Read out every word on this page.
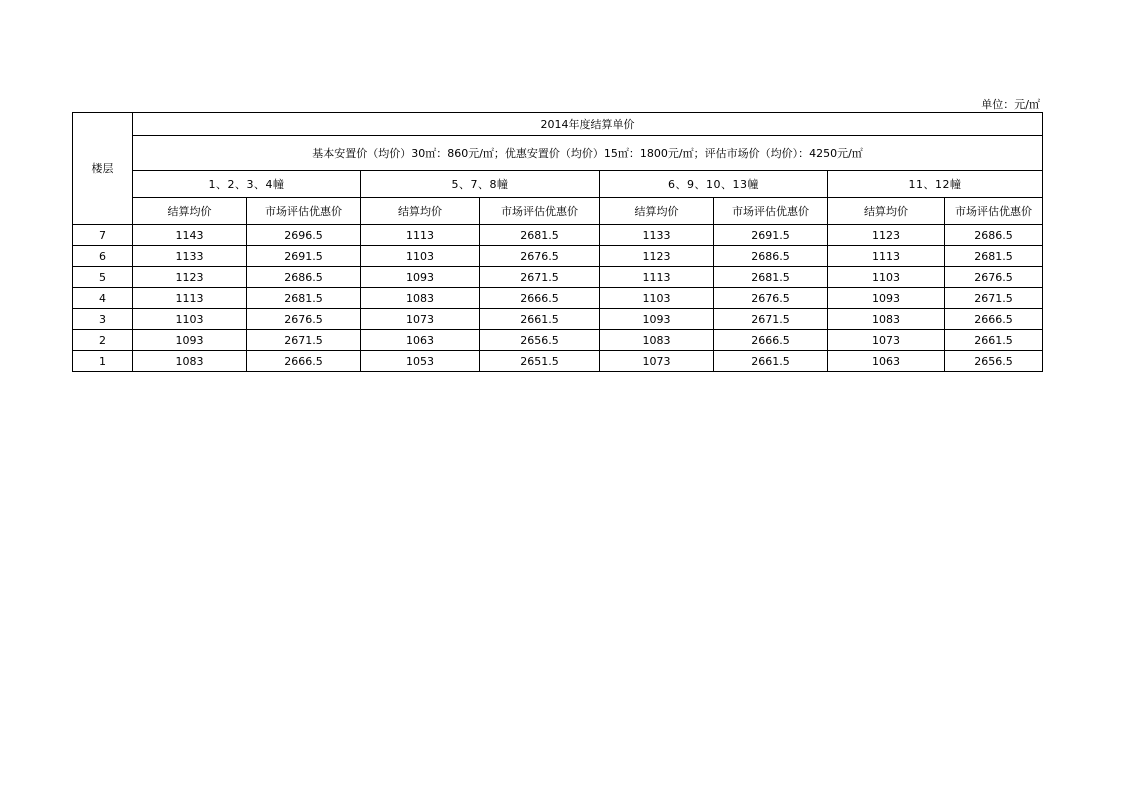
单位：元/㎡
楼层	2014年度结算单价							
	基本安置价（均价）30㎡：860元/㎡；优惠安置价（均价）15㎡：1800元/㎡；评估市场价（均价）：4250元/㎡							
	1、2、3、4幢		5、7、8幢		6、9、10、13幢		11、12幢	
	结算均价	市场评估优惠价	结算均价	市场评估优惠价	结算均价	市场评估优惠价	结算均价	市场评估优惠价
7	1143	2696.5	1113	2681.5	1133	2691.5	1123	2686.5
6	1133	2691.5	1103	2676.5	1123	2686.5	1113	2681.5
5	1123	2686.5	1093	2671.5	1113	2681.5	1103	2676.5
4	1113	2681.5	1083	2666.5	1103	2676.5	1093	2671.5
3	1103	2676.5	1073	2661.5	1093	2671.5	1083	2666.5
2	1093	2671.5	1063	2656.5	1083	2666.5	1073	2661.5
1	1083	2666.5	1053	2651.5	1073	2661.5	1063	2656.5
